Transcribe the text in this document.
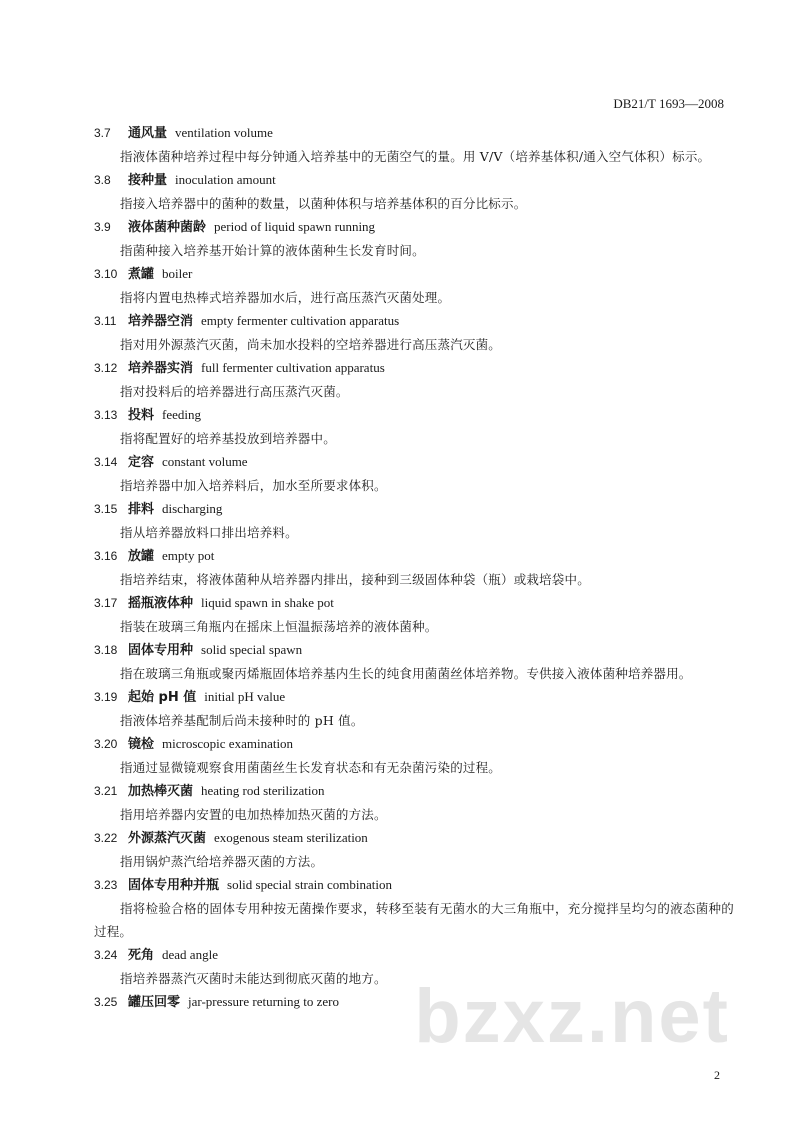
DB21/T 1693—2008
3.7 通风量 ventilation volume

指液体菌种培养过程中每分钟通入培养基中的无菌空气的量。用 V/V（培养基体积/通入空气体积）标示。

3.8 接种量 inoculation amount

指接入培养器中的菌种的数量，以菌种体积与培养基体积的百分比标示。

3.9 液体菌种菌龄 period of liquid spawn running

指菌种接入培养基开始计算的液体菌种生长发育时间。

3.10 煮罐 boiler

指将内置电热棒式培养器加水后，进行高压蒸汽灭菌处理。

3.11 培养器空消 empty fermenter cultivation apparatus

指对用外源蒸汽灭菌，尚未加水投料的空培养器进行高压蒸汽灭菌。

3.12 培养器实消 full fermenter cultivation apparatus

指对投料后的培养器进行高压蒸汽灭菌。

3.13 投料 feeding

指将配置好的培养基投放到培养器中。

3.14 定容 constant volume

指培养器中加入培养料后，加水至所要求体积。

3.15 排料 discharging

指从培养器放料口排出培养料。

3.16 放罐 empty pot

指培养结束，将液体菌种从培养器内排出，接种到三级固体种袋（瓶）或栽培袋中。

3.17 摇瓶液体种 liquid spawn in shake pot

指装在玻璃三角瓶内在摇床上恒温振荡培养的液体菌种。

3.18 固体专用种 solid special spawn

指在玻璃三角瓶或聚丙烯瓶固体培养基内生长的纯食用菌菌丝体培养物。专供接入液体菌种培养器用。

3.19 起始 pH 值 initial pH value

指液体培养基配制后尚未接种时的 pH 值。

3.20 镜检 microscopic examination

指通过显微镜观察食用菌菌丝生长发育状态和有无杂菌污染的过程。

3.21 加热棒灭菌 heating rod sterilization

指用培养器内安置的电加热棒加热灭菌的方法。

3.22 外源蒸汽灭菌 exogenous steam sterilization

指用锅炉蒸汽给培养器灭菌的方法。

3.23 固体专用种并瓶 solid special strain combination

指将检验合格的固体专用种按无菌操作要求，转移至装有无菌水的大三角瓶中，充分搅拌呈均匀的液态菌种的过程。

3.24 死角 dead angle

指培养器蒸汽灭菌时未能达到彻底灭菌的地方。

3.25 罐压回零 jar-pressure returning to zero bzxz.net
2
